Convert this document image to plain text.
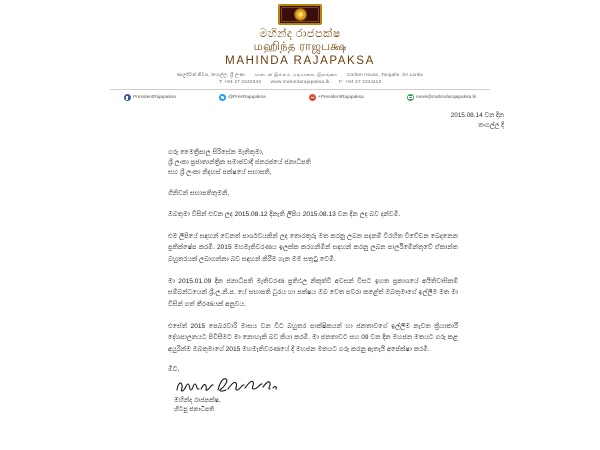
මහින්ද රාජපක්ෂ
மஹிந்த ராஜபக்ஷ
MAHINDA RAJAPAKSA
කාර්ල්ටන් නිවස, තංගල්ල, ශ්‍රී ලංකා காள்டன் இல்லம், தங்காலை, இலங்கை Carlton House, Tangalle, Sri Lanka
T: +94 47 2240344 www.mahindarajapaksa.lk F: +94 47 2241113
PresidentRajapaksa	@PresRajapaksa	+PresidentRajapaksa	news@mahindarajapaksa.lk
2015.08.14 වන දින
තංගල්ල දී
ගරු මෛත්‍රීපාල සිරිසේන මැතිතුමා,
ශ්‍රී ලංකා ප්‍රජාතාන්ත්‍රික සමාජවාදී ජනරජයේ ජනාධිපති
සහ ශ්‍රී ලංකා නිදහස් පක්ෂයේ සභාපති,
ගිනිවන් සභාපතිතුමනි,
ඔබතුමා විසින් එවන ලද 2015.08.12 දිනැති ලිපිය 2015.08.13 වන දින ලද බව දන්වමි.
එම ලිපියේ සඳහන් වෙනත් පාර්ශවයකින් ලද තොරතුරු මත කරනු ලබන පදනම් විරහිත විවේචන ඛෙදනෙන ප්‍රතික්ෂේප කරමි. 2015 මහමැතිවරණය ඉලක්ක කරගනිමින් සඳහන් කරනු ලබන පාර්ලිමේන්තුවේ ඒකාන්ත බහුතරයක් ලබාගන්නා බව සඳහන් කිරීම ගැන මම සතුටු වෙමි.
මා 2015.01.09 දින ජනාධිපති මැතිවරණ ප්‍රතිඵල නිකුත්වී අවසන් විසට ඉහත ප්‍රකාශයේ අයිතිවාසිකම් සම්බන්ධයෙන් ශ්‍රී.ල.නි.ප. යේ සභාපති ධූරය හා පක්ෂය ඔබ වෙත පවරා කළේත් ඔබතුමාගේ ඉල්ලීම මත මා විසින් ගත් තීරණයක් අනුවය.
එසේත් 2015 පෙබරවාරි මාසය වන විට බහුතර පාක්ෂිකයන් හා ජනතාවගේ ඉල්ලීම නැවත ක්‍රියාකාරී දේශපාලනයට පිවිසීමට මා නොහැකි බව කියා කරමි. මා ජනතාවට සහ 09 වන දින මහජන මතයට ගරු කළ අයුරින්ම ඔබතුමාගේ 2015 මහමැතිවරණයේ දී මහජන මතයට ගරු කරනු ඇතැයි අපේක්ෂා කරමි.
මිට,
මහින්ද රාජපක්ෂ,
හිටපු ජනාධිපති
